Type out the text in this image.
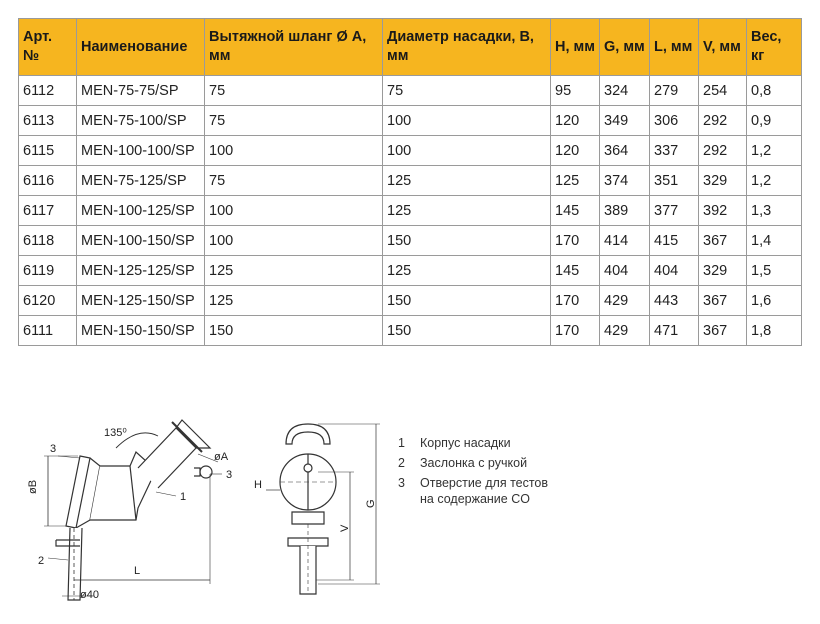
Арт. №	Наименование	Вытяжной шланг Ø А, мм	Диаметр насадки, В, мм	H, мм	G, мм	L, мм	V, мм	Вес, кг
6112	MEN-75-75/SP	75	75	95	324	279	254	0,8
6113	MEN-75-100/SP	75	100	120	349	306	292	0,9
6115	MEN-100-100/SP	100	100	120	364	337	292	1,2
6116	MEN-75-125/SP	75	125	125	374	351	329	1,2
6117	MEN-100-125/SP	100	125	145	389	377	392	1,3
6118	MEN-100-150/SP	100	150	170	414	415	367	1,4
6119	MEN-125-125/SP	125	125	145	404	404	329	1,5
6120	MEN-125-150/SP	125	150	170	429	443	367	1,6
6111	MEN-150-150/SP	150	150	170	429	471	367	1,8
3
135⁰
øA
3
øB
1
2
L
ø40
H
V
G
1	Корпус насадки
2	Заслонка с ручкой
3	Отверстие для тестов на содержание CO
